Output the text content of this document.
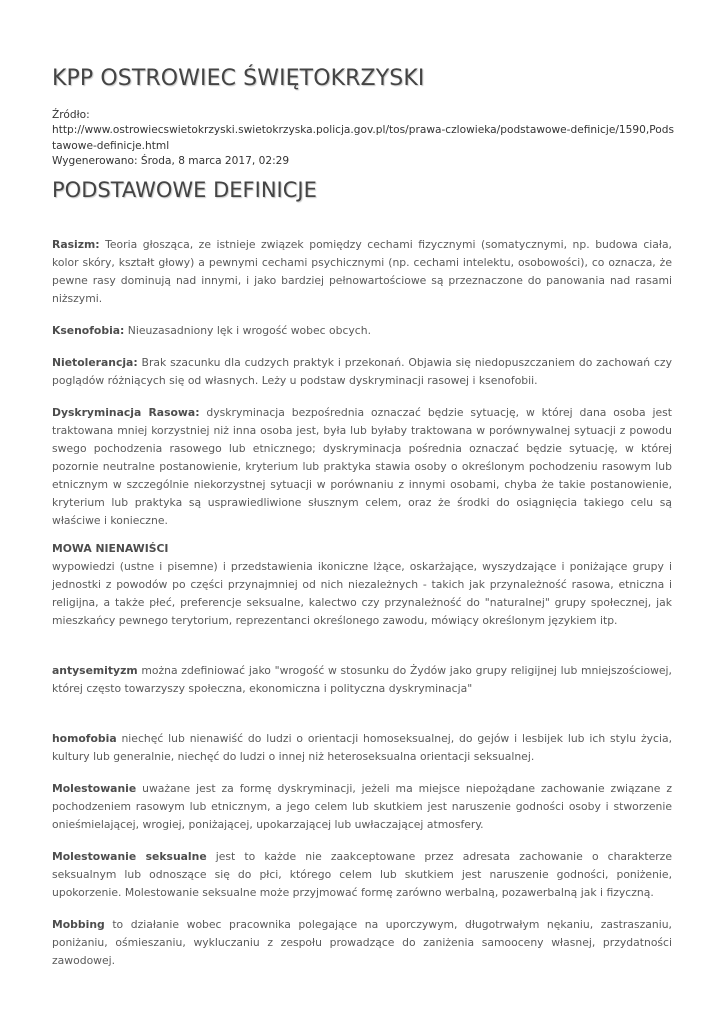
KPP OSTROWIEC ŚWIĘTOKRZYSKI
Źródło:
http://www.ostrowiecswietokrzyski.swietokrzyska.policja.gov.pl/tos/prawa-czlowieka/podstawowe-definicje/1590,Podstawowe-definicje.html
Wygenerowano: Środa, 8 marca 2017, 02:29
PODSTAWOWE DEFINICJE

Rasizm: Teoria głosząca, ze istnieje związek pomiędzy cechami fizycznymi (somatycznymi, np. budowa ciała, kolor skóry, kształt głowy) a pewnymi cechami psychicznymi (np. cechami intelektu, osobowości), co oznacza, że pewne rasy dominują nad innymi, i jako bardziej pełnowartościowe są przeznaczone do panowania nad rasami niższymi.

Ksenofobia: Nieuzasadniony lęk i wrogość wobec obcych.

Nietolerancja: Brak szacunku dla cudzych praktyk i przekonań. Objawia się niedopuszczaniem do zachowań czy poglądów różniących się od własnych. Leży u podstaw dyskryminacji rasowej i ksenofobii.

Dyskryminacja Rasowa: dyskryminacja bezpośrednia oznaczać będzie sytuację, w której dana osoba jest traktowana mniej korzystniej niż inna osoba jest, była lub byłaby traktowana w porównywalnej sytuacji z powodu swego pochodzenia rasowego lub etnicznego; dyskryminacja pośrednia oznaczać będzie sytuację, w której pozornie neutralne postanowienie, kryterium lub praktyka stawia osoby o określonym pochodzeniu rasowym lub etnicznym w szczególnie niekorzystnej sytuacji w porównaniu z innymi osobami, chyba że takie postanowienie, kryterium lub praktyka są usprawiedliwione słusznym celem, oraz że środki do osiągnięcia takiego celu są właściwe i konieczne.

MOWA NIENAWIŚCI
wypowiedzi (ustne i pisemne) i przedstawienia ikoniczne lżące, oskarżające, wyszydzające i poniżające grupy i jednostki z powodów po części przynajmniej od nich niezależnych - takich jak przynależność rasowa, etniczna i religijna, a także płeć, preferencje seksualne, kalectwo czy przynależność do "naturalnej" grupy społecznej, jak mieszkańcy pewnego terytorium, reprezentanci określonego zawodu, mówiący określonym językiem itp.

antysemityzm można zdefiniować jako "wrogość w stosunku do Żydów jako grupy religijnej lub mniejszościowej, której często towarzyszy społeczna, ekonomiczna i polityczna dyskryminacja"

homofobia niechęć lub nienawiść do ludzi o orientacji homoseksualnej, do gejów i lesbijek lub ich stylu życia, kultury lub generalnie, niechęć do ludzi o innej niż heteroseksualna orientacji seksualnej.

Molestowanie uważane jest za formę dyskryminacji, jeżeli ma miejsce niepożądane zachowanie związane z pochodzeniem rasowym lub etnicznym, a jego celem lub skutkiem jest naruszenie godności osoby i stworzenie onieśmielającej, wrogiej, poniżającej, upokarzającej lub uwłaczającej atmosfery.

Molestowanie seksualne jest to każde nie zaakceptowane przez adresata zachowanie o charakterze seksualnym lub odnoszące się do płci, którego celem lub skutkiem jest naruszenie godności, poniżenie, upokorzenie. Molestowanie seksualne może przyjmować formę zarówno werbalną, pozawerbalną jak i fizyczną.

Mobbing to działanie wobec pracownika polegające na uporczywym, długotrwałym nękaniu, zastraszaniu, poniżaniu, ośmieszaniu, wykluczaniu z zespołu prowadzące do zaniżenia samooceny własnej, przydatności zawodowej.
